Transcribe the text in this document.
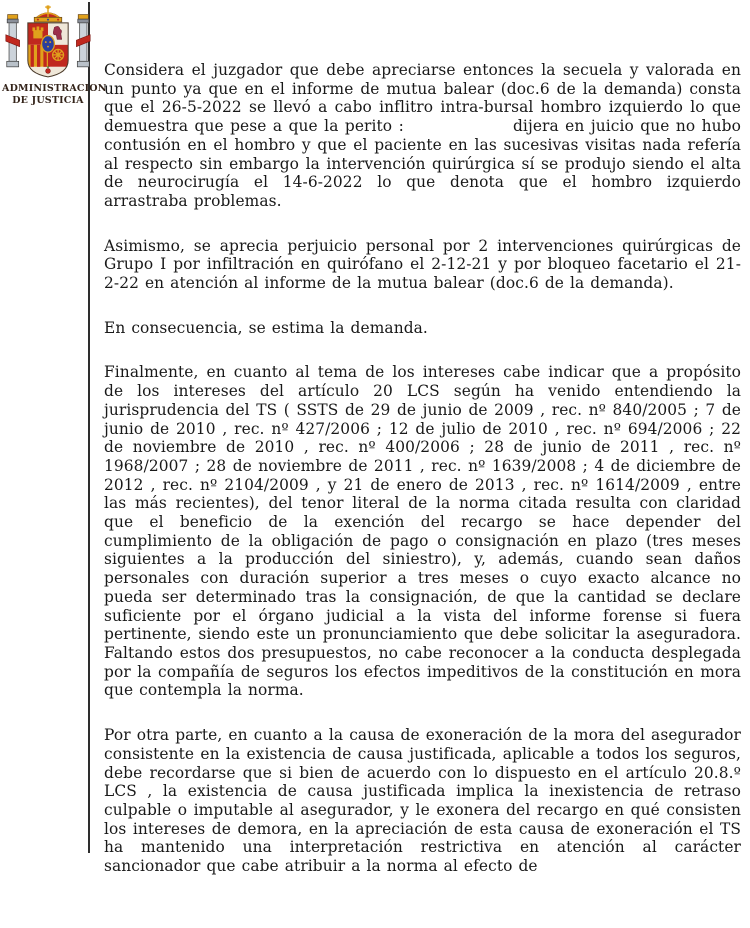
ADMINISTRACION
DE JUSTICIA

Considera el juzgador que debe apreciarse entonces la secuela y valorada en un punto ya que en el informe de mutua balear (doc.6 de la demanda) consta que el 26-5-2022 se llevó a cabo inflitro intra-bursal hombro izquierdo lo que demuestra que pese a que la perito :                 dijera en juicio que no hubo contusión en el hombro y que el paciente en las sucesivas visitas nada refería al respecto sin embargo la intervención quirúrgica sí se produjo siendo el alta de neurocirugía el 14-6-2022 lo que denota que el hombro izquierdo arrastraba problemas.

Asimismo, se aprecia perjuicio personal por 2 intervenciones quirúrgicas de Grupo I por infiltración en quirófano el 2-12-21 y por bloqueo facetario el 21-2-22 en atención al informe de la mutua balear (doc.6 de la demanda).

En consecuencia, se estima la demanda.

Finalmente, en cuanto al tema de los intereses cabe indicar que a propósito de los intereses del artículo 20 LCS según ha venido entendiendo la jurisprudencia del TS ( SSTS de 29 de junio de 2009 , rec. nº 840/2005 ; 7 de junio de 2010 , rec. nº 427/2006 ; 12 de julio de 2010 , rec. nº 694/2006 ; 22 de noviembre de 2010 , rec. nº 400/2006 ; 28 de junio de 2011 , rec. nº 1968/2007 ; 28 de noviembre de 2011 , rec. nº 1639/2008 ; 4 de diciembre de 2012 , rec. nº 2104/2009 , y 21 de enero de 2013 , rec. nº 1614/2009 , entre las más recientes), del tenor literal de la norma citada resulta con claridad que el beneficio de la exención del recargo se hace depender del cumplimiento de la obligación de pago o consignación en plazo (tres meses siguientes a la producción del siniestro), y, además, cuando sean daños personales con duración superior a tres meses o cuyo exacto alcance no pueda ser determinado tras la consignación, de que la cantidad se declare suficiente por el órgano judicial a la vista del informe forense si fuera pertinente, siendo este un pronunciamiento que debe solicitar la aseguradora. Faltando estos dos presupuestos, no cabe reconocer a la conducta desplegada por la compañía de seguros los efectos impeditivos de la constitución en mora que contempla la norma.

Por otra parte, en cuanto a la causa de exoneración de la mora del asegurador consistente en la existencia de causa justificada, aplicable a todos los seguros, debe recordarse que si bien de acuerdo con lo dispuesto en el artículo 20.8.º LCS , la existencia de causa justificada implica la inexistencia de retraso culpable o imputable al asegurador, y le exonera del recargo en qué consisten los intereses de demora, en la apreciación de esta causa de exoneración el TS ha mantenido una interpretación restrictiva en atención al carácter sancionador que cabe atribuir a la norma al efecto de
